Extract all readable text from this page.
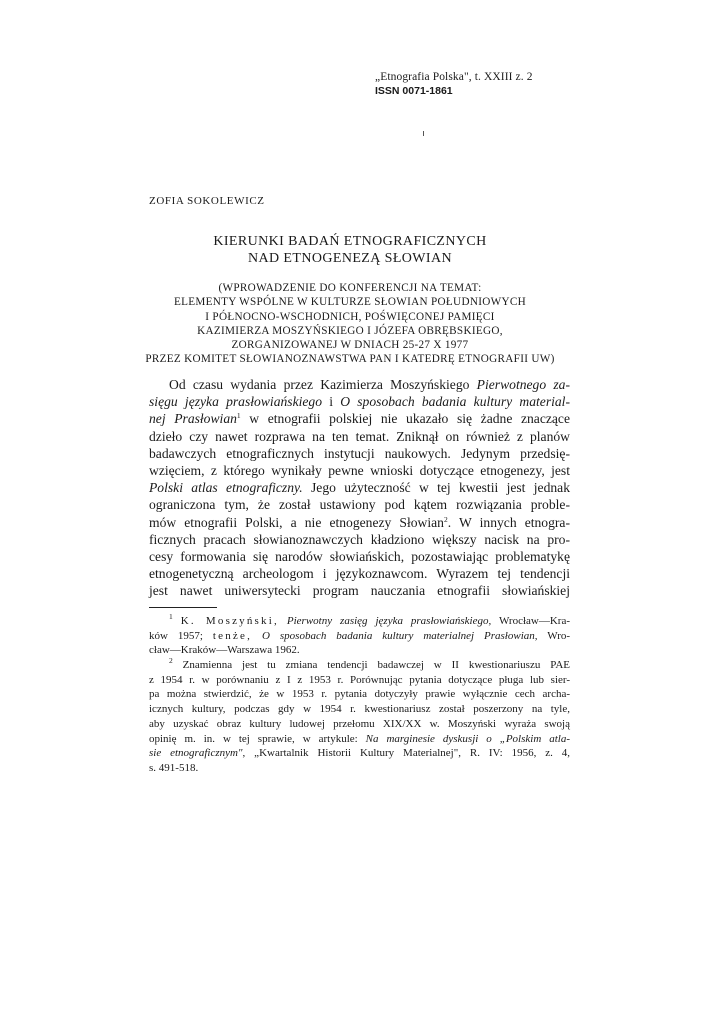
„Etnografia Polska", t. XXIII z. 2
ISSN 0071-1861
ZOFIA SOKOLEWICZ
KIERUNKI BADAŃ ETNOGRAFICZNYCH
NAD ETNOGENEZĄ SŁOWIAN
(WPROWADZENIE DO KONFERENCJI NA TEMAT:
ELEMENTY WSPÓLNE W KULTURZE SŁOWIAN POŁUDNIOWYCH
I PÓŁNOCNO-WSCHODNICH, POŚWIĘCONEJ PAMIĘCI
KAZIMIERZA MOSZYŃSKIEGO I JÓZEFA OBRĘBSKIEGO,
ZORGANIZOWANEJ W DNIACH 25-27 X 1977
PRZEZ KOMITET SŁOWIANOZNAWSTWA PAN I KATEDRĘ ETNOGRAFII UW)
Od czasu wydania przez Kazimierza Moszyńskiego Pierwotnego za-
sięgu języka prasłowiańskiego i O sposobach badania kultury material-
nej Prasłowian$^1$ w etnografii polskiej nie ukazało się żadne znaczące
dzieło czy nawet rozprawa na ten temat. Zniknął on również z planów
badawczych etnograficznych instytucji naukowych. Jedynym przedsię-
wzięciem, z którego wynikały pewne wnioski dotyczące etnogenezy, jest
Polski atlas etnograficzny. Jego użyteczność w tej kwestii jest jednak
ograniczona tym, że został ustawiony pod kątem rozwiązania proble-
mów etnografii Polski, a nie etnogenezy Słowian$^2$. W innych etnogra-
ficznych pracach słowianoznawczych kładziono większy nacisk na pro-
cesy formowania się narodów słowiańskich, pozostawiając problematykę
etnogenetyczną archeologom i językoznawcom. Wyrazem tej tendencji
jest nawet uniwersytecki program nauczania etnografii słowiańskiej
$^1$ K. Moszyński, Pierwotny zasięg języka prasłowiańskiego, Wrocław—Kra-
ków 1957; tenże, O sposobach badania kultury materialnej Prasłowian, Wro-
cław—Kraków—Warszawa 1962.
$^2$ Znamienna jest tu zmiana tendencji badawczej w II kwestionariuszu PAE
z 1954 r. w porównaniu z I z 1953 r. Porównując pytania dotyczące pługa lub sier-
pa można stwierdzić, że w 1953 r. pytania dotyczyły prawie wyłącznie cech archa-
icznych kultury, podczas gdy w 1954 r. kwestionariusz został poszerzony na tyle,
aby uzyskać obraz kultury ludowej przełomu XIX/XX w. Moszyński wyraża swoją
opinię m. in. w tej sprawie, w artykule: Na marginesie dyskusji o „Polskim atla-
sie etnograficznym", „Kwartalnik Historii Kultury Materialnej", R. IV: 1956, z. 4,
s. 491-518.
